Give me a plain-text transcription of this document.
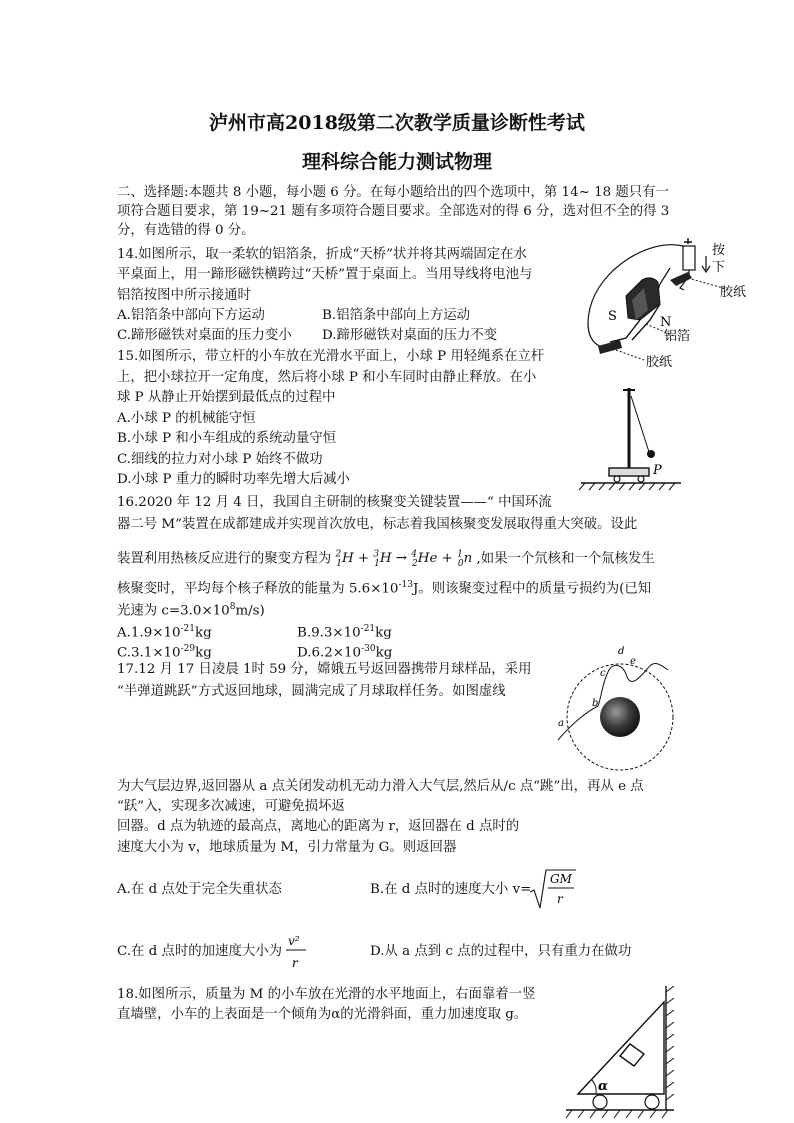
泸州市高2018级第二次教学质量诊断性考试
理科综合能力测试物理
二、选择题:本题共 8 小题，每小题 6 分。在每小题给出的四个选项中，第 14~ 18 题只有一
项符合题目要求，第 19~21 题有多项符合题目要求。全部选对的得 6 分，选对但不全的得 3
分，有选错的得 0 分。
14.如图所示，取一柔软的铝箔条，折成“天桥”状并将其两端固定在水
平桌面上，用一蹄形磁铁横跨过“天桥”置于桌面上。当用导线将电池与
铝箔按图中所示接通时
A.铝箔条中部向下方运动	B.铝箔条中部向上方运动
C.蹄形磁铁对桌面的压力变小 D.蹄形磁铁对桌面的压力不变
按
下
胶纸
S	N
铝箔
胶纸
15.如图所示，带立杆的小车放在光滑水平面上，小球 P 用轻绳系在立杆
上，把小球拉开一定角度，然后将小球 P 和小车同时由静止释放。在小
球 P 从静止开始摆到最低点的过程中
A.小球 P 的机械能守恒
B.小球 P 和小车组成的系统动量守恒
C.细线的拉力对小球 P 始终不做功
D.小球 P 重力的瞬时功率先增大后减小
P
16.2020 年 12 月 4 日，我国自主研制的核聚变关键装置——“ 中国环流
器二号 M”装置在成都建成并实现首次放电，标志着我国核聚变发展取得重大突破。设此
装置利用热核反应进行的聚变方程为 $^2_1$H + $^3_1$H → $^4_2$He + $^1_0$n ,如果一个氘核和一个氚核发生
核聚变时，平均每个核子释放的能量为 $5.6\times 10^{-13}J$。则该聚变过程中的质量亏损约为(已知
光速为 $c=3.0\times 10^8m/s$)
$A.1.9\times 10^{-21}kg$	$B.9.3\times 10^{-21}kg$
$C.3.1\times 10^{-29}kg$	$D.6.2\times 10^{-30}kg$
17.12 月 17 日凌晨 1时 59 分，嫦娥五号返回器携带月球样品，采用
“半弹道跳跃”方式返回地球，圆满完成了月球取样任务。如图虚线
a
b
c
d
e
为大气层边界,返回器从 a 点关闭发动机无动力滑入大气层,然后从/c 点“跳”出，再从 e 点
“跃”入，实现多次减速，可避免损坏返
回器。d 点为轨迹的最高点，离地心的距离为 r，返回器在 d 点时的
速度大小为 v，地球质量为 M，引力常量为 G。则返回器
A.在 d 点处于完全失重状态	B.在 d 点时的速度大小 v=
GM
r
C.在 d 点时的加速度大小为
v²
r
D.从 a 点到 c 点的过程中，只有重力在做功
18.如图所示，质量为 M 的小车放在光滑的水平地面上，右面靠着一竖
直墙壁，小车的上表面是一个倾角为α的光滑斜面，重力加速度取 g。
α
